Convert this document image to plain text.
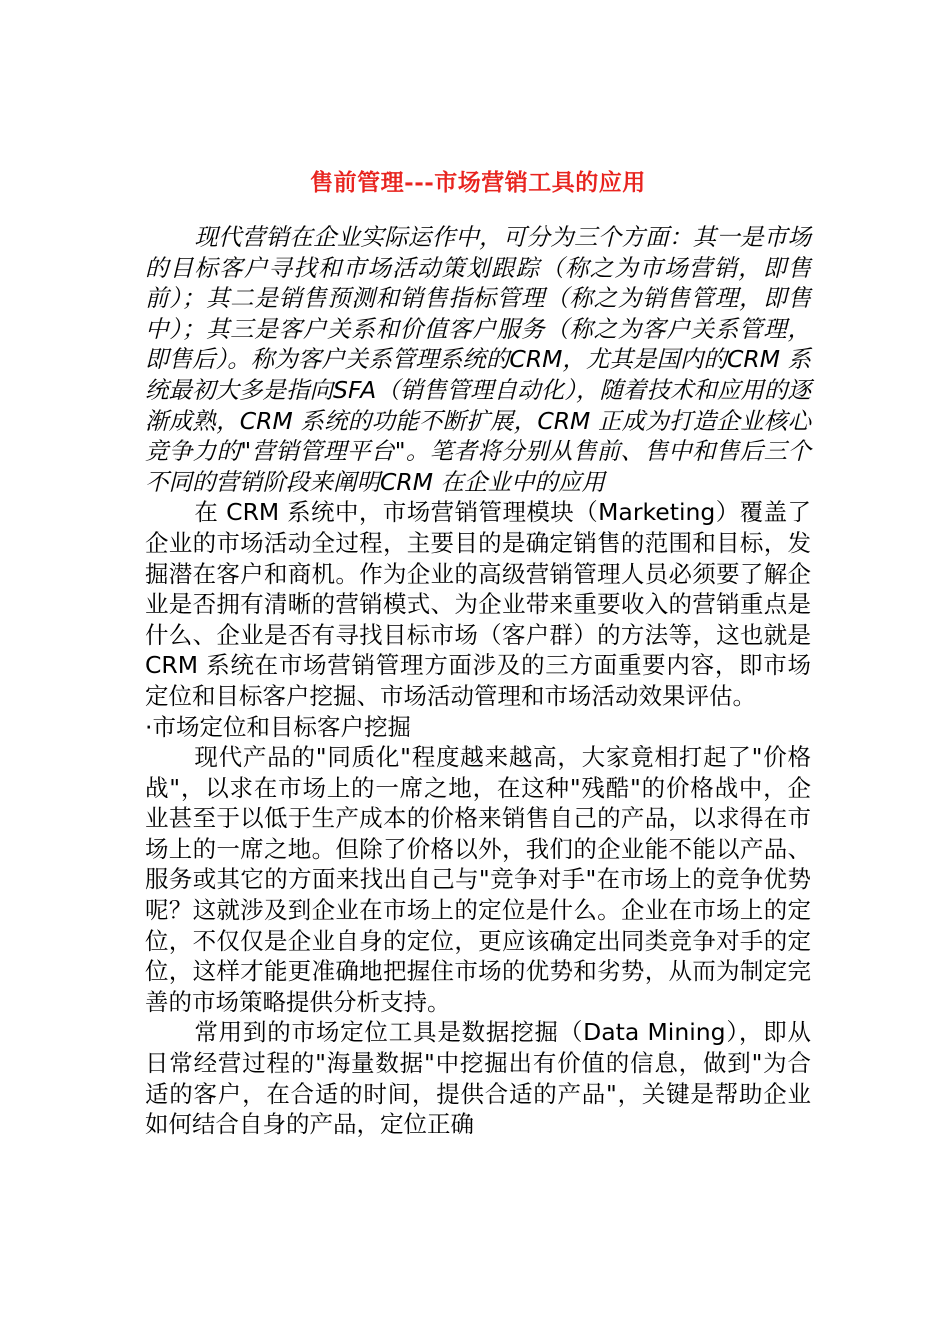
售前管理---市场营销工具的应用

现代营销在企业实际运作中，可分为三个方面：其一是市场的目标客户寻找和市场活动策划跟踪（称之为市场营销，即售前）；其二是销售预测和销售指标管理（称之为销售管理，即售中）；其三是客户关系和价值客户服务（称之为客户关系管理，即售后）。称为客户关系管理系统的CRM，尤其是国内的CRM 系统最初大多是指向SFA（销售管理自动化），随着技术和应用的逐渐成熟，CRM 系统的功能不断扩展，CRM 正成为打造企业核心竞争力的"营销管理平台"。笔者将分别从售前、售中和售后三个不同的营销阶段来阐明CRM 在企业中的应用

在 CRM 系统中，市场营销管理模块（Marketing）覆盖了企业的市场活动全过程，主要目的是确定销售的范围和目标，发掘潜在客户和商机。作为企业的高级营销管理人员必须要了解企业是否拥有清晰的营销模式、为企业带来重要收入的营销重点是什么、企业是否有寻找目标市场（客户群）的方法等，这也就是 CRM 系统在市场营销管理方面涉及的三方面重要内容，即市场定位和目标客户挖掘、市场活动管理和市场活动效果评估。

·市场定位和目标客户挖掘

现代产品的"同质化"程度越来越高，大家竟相打起了"价格战"，以求在市场上的一席之地，在这种"残酷"的价格战中，企业甚至于以低于生产成本的价格来销售自己的产品，以求得在市场上的一席之地。但除了价格以外，我们的企业能不能以产品、服务或其它的方面来找出自己与"竞争对手"在市场上的竞争优势呢？这就涉及到企业在市场上的定位是什么。企业在市场上的定位，不仅仅是企业自身的定位，更应该确定出同类竞争对手的定位，这样才能更准确地把握住市场的优势和劣势，从而为制定完善的市场策略提供分析支持。

常用到的市场定位工具是数据挖掘（Data Mining），即从日常经营过程的"海量数据"中挖掘出有价值的信息，做到"为合适的客户，在合适的时间，提供合适的产品"，关键是帮助企业如何结合自身的产品，定位正确
